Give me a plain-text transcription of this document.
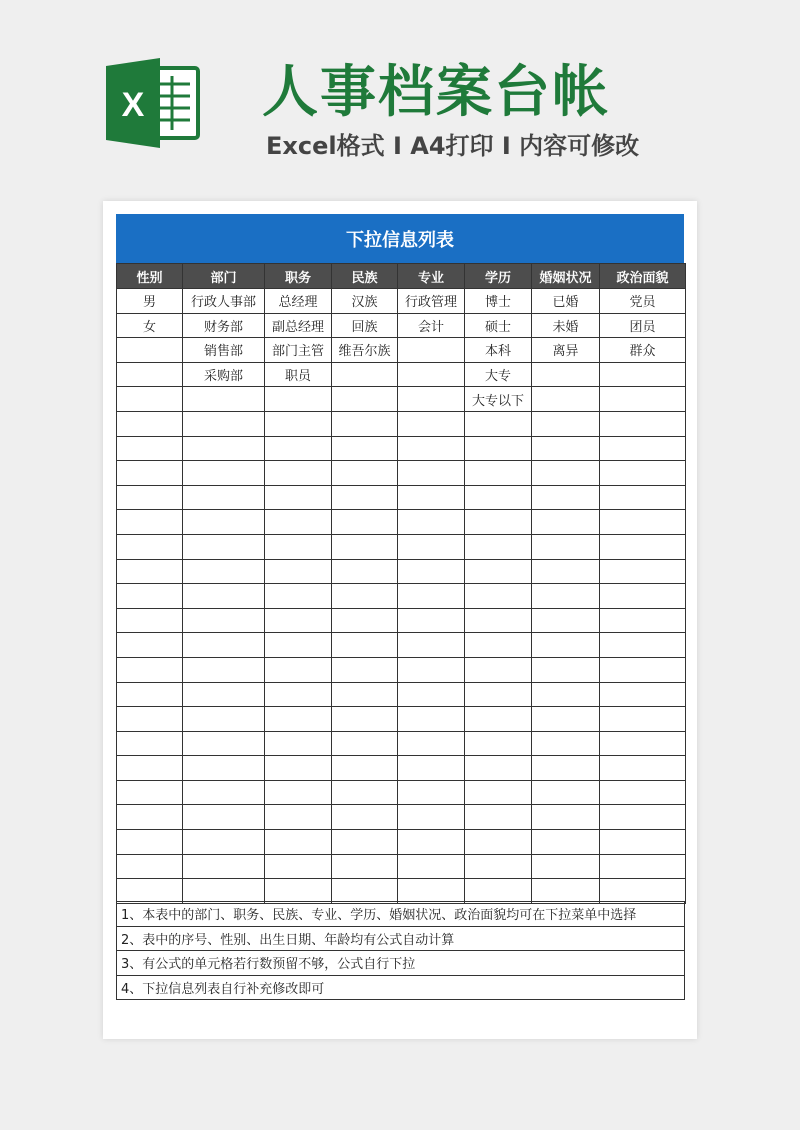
X 人事档案台帐
Excel格式 Ⅰ A4打印 Ⅰ 内容可修改
下拉信息列表
性别	部门	职务	民族	专业	学历	婚姻状况	政治面貌
男	行政人事部	总经理	汉族	行政管理	博士	已婚	党员
女	财务部	副总经理	回族	会计	硕士	未婚	团员
	销售部	部门主管	维吾尔族		本科	离异	群众
	采购部	职员			大专		
					大专以下		

1、本表中的部门、职务、民族、专业、学历、婚姻状况、政治面貌均可在下拉菜单中选择
2、表中的序号、性别、出生日期、年龄均有公式自动计算
3、有公式的单元格若行数预留不够，公式自行下拉
4、下拉信息列表自行补充修改即可
